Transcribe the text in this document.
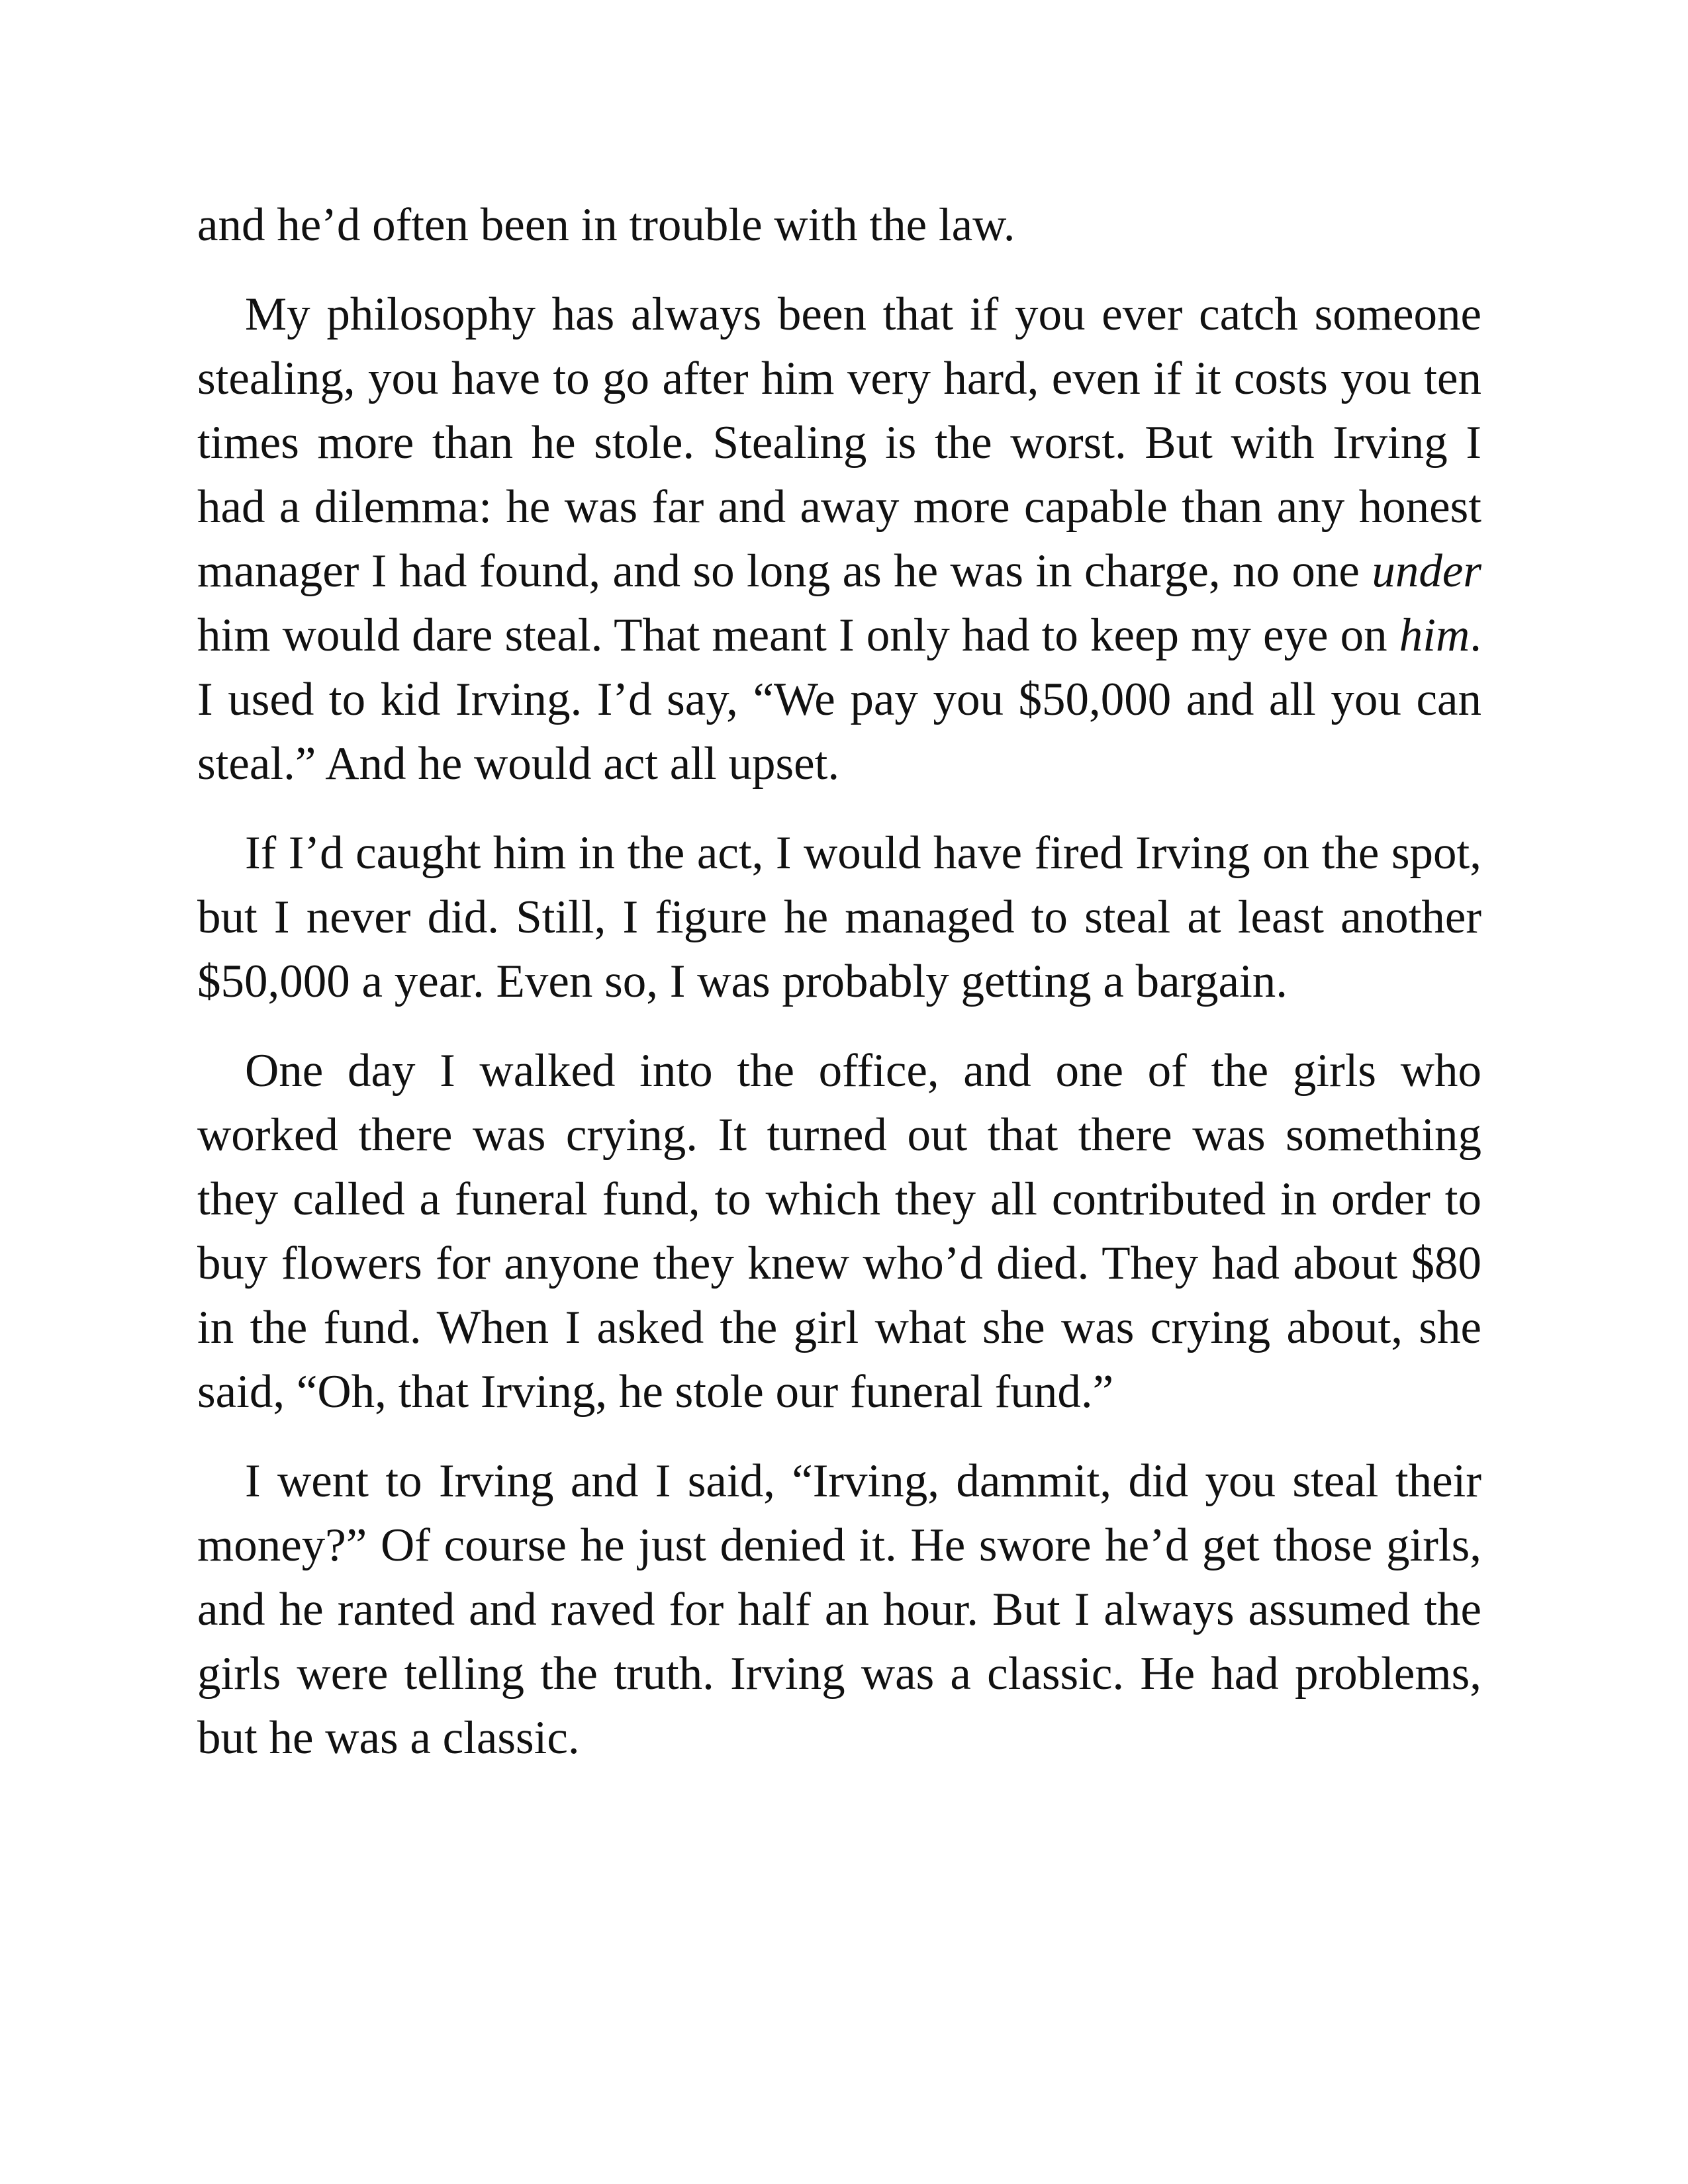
and he’d often been in trouble with the law.

My philosophy has always been that if you ever catch someone stealing, you have to go after him very hard, even if it costs you ten times more than he stole. Stealing is the worst. But with Irving I had a dilemma: he was far and away more capable than any honest manager I had found, and so long as he was in charge, no one under him would dare steal. That meant I only had to keep my eye on him. I used to kid Irving. I’d say, “We pay you $50,000 and all you can steal.” And he would act all upset.

If I’d caught him in the act, I would have fired Irving on the spot, but I never did. Still, I figure he managed to steal at least another $50,000 a year. Even so, I was probably getting a bargain.

One day I walked into the office, and one of the girls who worked there was crying. It turned out that there was something they called a funeral fund, to which they all contributed in order to buy flowers for anyone they knew who’d died. They had about $80 in the fund. When I asked the girl what she was crying about, she said, “Oh, that Irving, he stole our funeral fund.”

I went to Irving and I said, “Irving, dammit, did you steal their money?” Of course he just denied it. He swore he’d get those girls, and he ranted and raved for half an hour. But I always assumed the girls were telling the truth. Irving was a classic. He had problems, but he was a classic.
